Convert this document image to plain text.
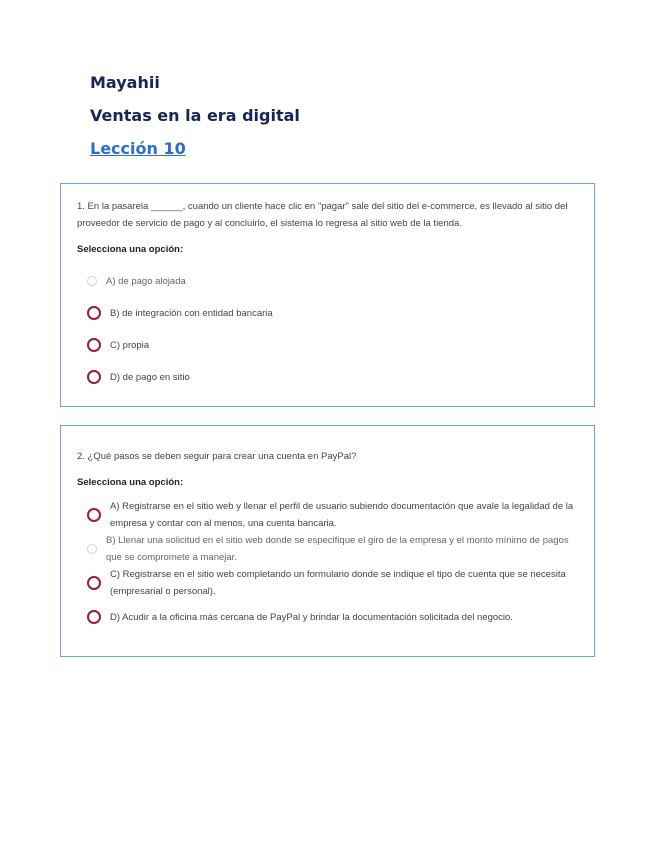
Mayahii
Ventas en la era digital
Lección 10

1. En la pasarela ______, cuando un cliente hace clic en "pagar" sale del sitio del e-commerce, es llevado al sitio del proveedor de servicio de pago y al concluirlo, el sistema lo regresa al sitio web de la tienda.

Selecciona una opción:
A) de pago alojada
B) de integración con entidad bancaria
C) propia
D) de pago en sitio

2. ¿Qué pasos se deben seguir para crear una cuenta en PayPal?

Selecciona una opción:
A) Registrarse en el sitio web y llenar el perfil de usuario subiendo documentación que avale la legalidad de la empresa y contar con al menos, una cuenta bancaria.
B) Llenar una solicitud en el sitio web donde se especifique el giro de la empresa y el monto mínimo de pagos que se compromete a manejar.
C) Registrarse en el sitio web completando un formulario donde se indique el tipo de cuenta que se necesita (empresarial o personal).
D) Acudir a la oficina más cercana de PayPal y brindar la documentación solicitada del negocio.
